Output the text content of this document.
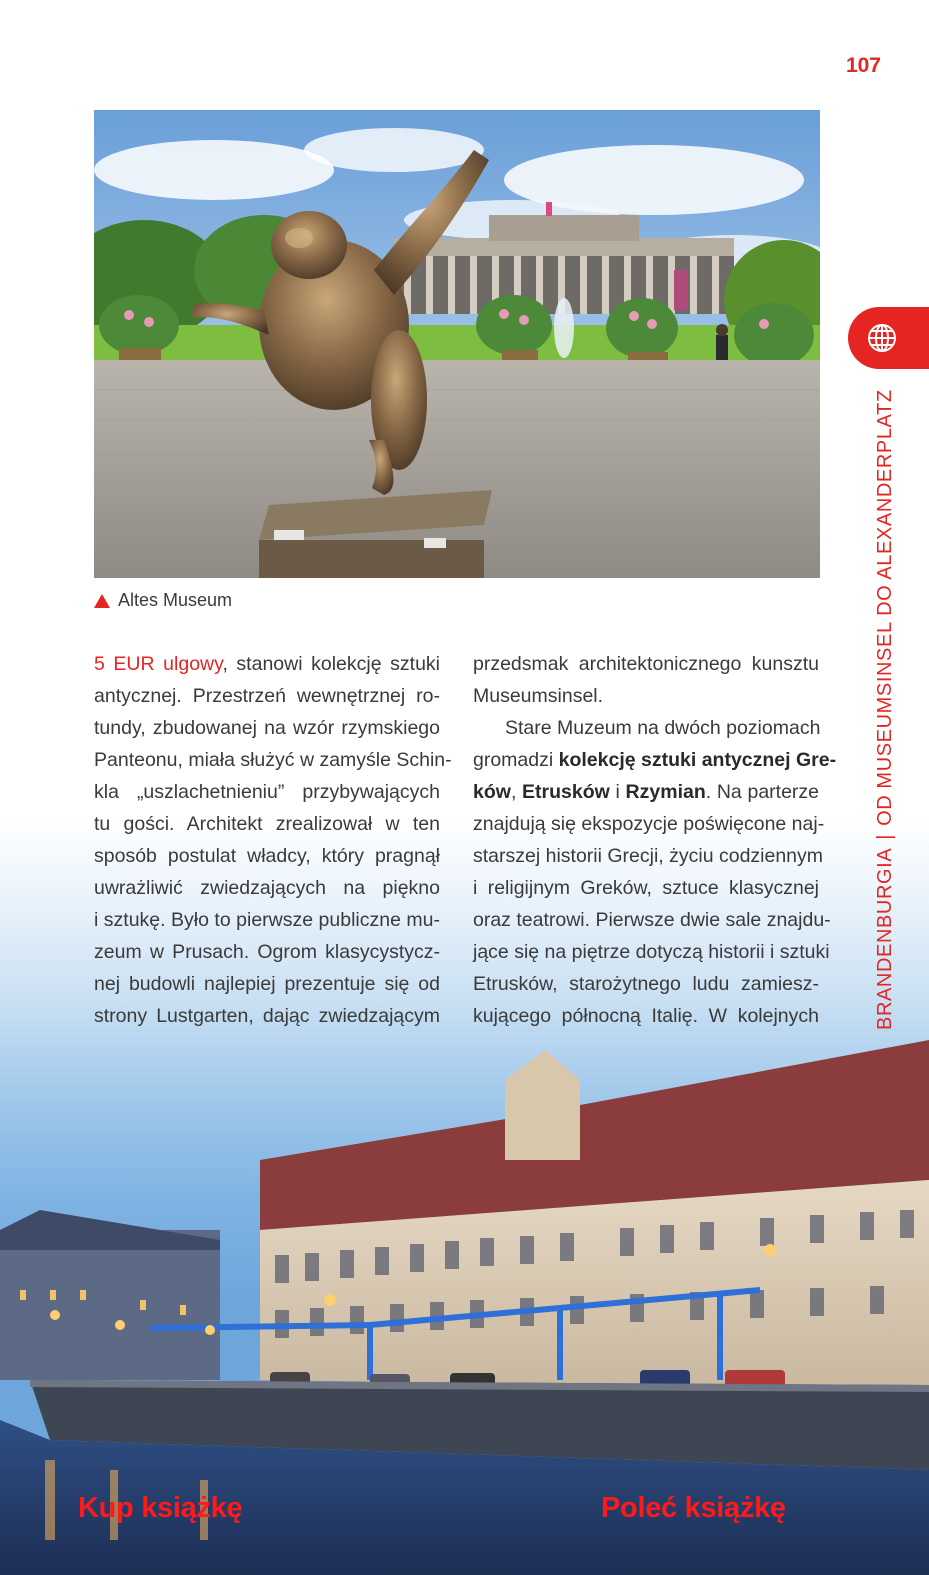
107
Altes Museum
5 EUR ulgowy, stanowi kolekcję sztuki
antycznej. Przestrzeń wewnętrznej ro-
tundy, zbudowanej na wzór rzymskiego
Panteonu, miała służyć w zamyśle Schin-
kla „uszlachetnieniu” przybywających
tu gości. Architekt zrealizował w ten
sposób postulat władcy, który pragnął
uwrażliwić zwiedzających na piękno
i sztukę. Było to pierwsze publiczne mu-
zeum w Prusach. Ogrom klasycystycz-
nej budowli najlepiej prezentuje się od
strony Lustgarten, dając zwiedzającym
przedsmak architektonicznego kunsztu
Museumsinsel.
Stare Muzeum na dwóch poziomach
gromadzi kolekcję sztuki antycznej Gre-
ków, Etrusków i Rzymian. Na parterze
znajdują się ekspozycje poświęcone naj-
starszej historii Grecji, życiu codziennym
i religijnym Greków, sztuce klasycznej
oraz teatrowi. Pierwsze dwie sale znajdu-
jące się na piętrze dotyczą historii i sztuki
Etrusków, starożytnego ludu zamiesz-
kującego północną Italię. W kolejnych	BRANDENBURGIA|OD MUSEUMSINSEL DO ALEXANDERPLATZ
Kup książkę	Poleć książkę
